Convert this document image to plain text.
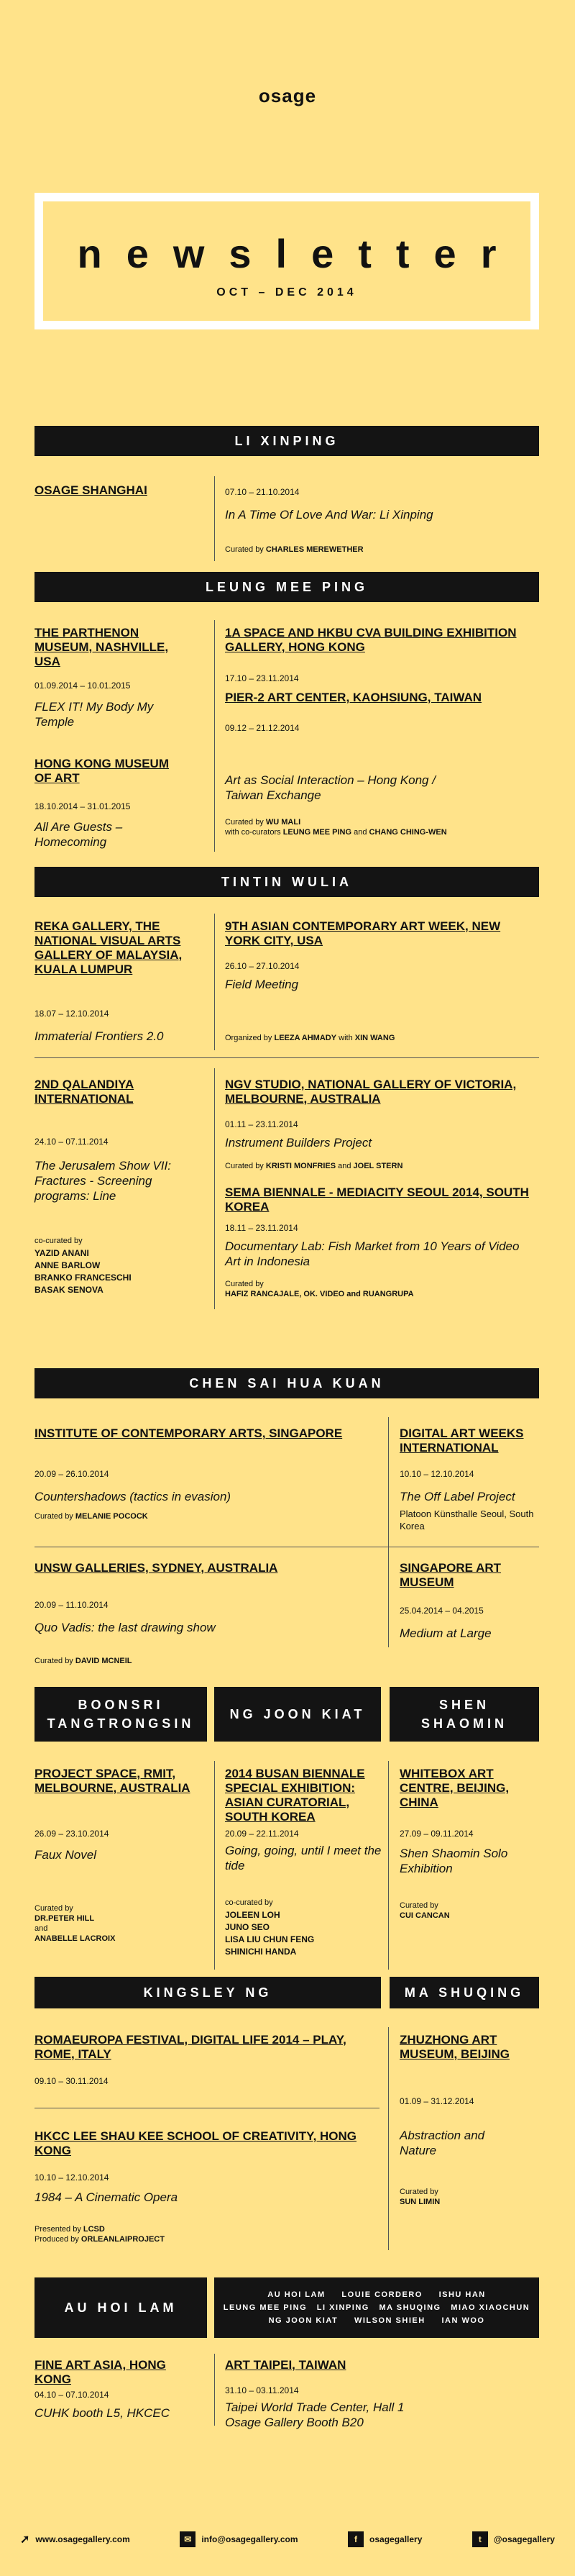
osage
newsletter
OCT – DEC 2014
LI XINPING
OSAGE SHANGHAI	07.10 – 21.10.2014
In A Time Of Love And War: Li Xinping
Curated by CHARLES MEREWETHER
LEUNG MEE PING
THE PARTHENON MUSEUM, NASHVILLE, USA
01.09.2014 – 10.01.2015
FLEX IT! My Body My Temple
HONG KONG MUSEUM OF ART
18.10.2014 – 31.01.2015
All Are Guests – Homecoming
1A SPACE AND HKBU CVA BUILDING EXHIBITION GALLERY, HONG KONG
17.10 – 23.11.2014
PIER-2 ART CENTER, KAOHSIUNG, TAIWAN
09.12 – 21.12.2014
Art as Social Interaction – Hong Kong / Taiwan Exchange
Curated by WU MALI
with co-curators LEUNG MEE PING and CHANG CHING-WEN
TINTIN WULIA
REKA GALLERY, THE NATIONAL VISUAL ARTS GALLERY OF MALAYSIA, KUALA LUMPUR
18.07 – 12.10.2014
Immaterial Frontiers 2.0
9TH ASIAN CONTEMPORARY ART WEEK, NEW YORK CITY, USA
26.10 – 27.10.2014
Field Meeting
Organized by LEEZA AHMADY with XIN WANG
2ND QALANDIYA INTERNATIONAL
24.10 – 07.11.2014
The Jerusalem Show VII: Fractures - Screening programs: Line
co-curated by
YAZID ANANI
ANNE BARLOW
BRANKO FRANCESCHI
BASAK SENOVA
NGV STUDIO, NATIONAL GALLERY OF VICTORIA, MELBOURNE, AUSTRALIA
01.11 – 23.11.2014
Instrument Builders Project
Curated by KRISTI MONFRIES and JOEL STERN
SEMA BIENNALE - MEDIACITY SEOUL 2014, SOUTH KOREA
18.11 – 23.11.2014
Documentary Lab: Fish Market from 10 Years of Video Art in Indonesia
Curated by
HAFIZ RANCAJALE, OK. VIDEO and RUANGRUPA
CHEN SAI HUA KUAN
INSTITUTE OF CONTEMPORARY ARTS, SINGAPORE
20.09 – 26.10.2014
Countershadows (tactics in evasion)
Curated by MELANIE POCOCK
DIGITAL ART WEEKS INTERNATIONAL
10.10 – 12.10.2014
The Off Label Project
Platoon Künsthalle Seoul, South Korea
UNSW GALLERIES, SYDNEY, AUSTRALIA
20.09 – 11.10.2014
Quo Vadis: the last drawing show
Curated by DAVID MCNEIL
SINGAPORE ART MUSEUM
25.04.2014 – 04.2015
Medium at Large
BOONSRI
TANGTRONGSIN
NG JOON KIAT
SHEN
SHAOMIN
PROJECT SPACE, RMIT, MELBOURNE, AUSTRALIA
26.09 – 23.10.2014
Faux Novel
Curated by
DR.PETER HILL
and
ANABELLE LACROIX
2014 BUSAN BIENNALE SPECIAL EXHIBITION: ASIAN CURATORIAL, SOUTH KOREA
20.09 – 22.11.2014
Going, going, until I meet the tide
co-curated by
JOLEEN LOH
JUNO SEO
LISA LIU CHUN FENG
SHINICHI HANDA
WHITEBOX ART CENTRE, BEIJING, CHINA
27.09 – 09.11.2014
Shen Shaomin Solo Exhibition
Curated by
CUI CANCAN
KINGSLEY NG	MA SHUQING
ROMAEUROPA FESTIVAL, DIGITAL LIFE 2014 – PLAY, ROME, ITALY
09.10 – 30.11.2014
HKCC LEE SHAU KEE SCHOOL OF CREATIVITY, HONG KONG
10.10 – 12.10.2014
1984 – A Cinematic Opera
Presented by LCSD
Produced by ORLEANLAIPROJECT
ZHUZHONG ART MUSEUM, BEIJING
01.09 – 31.12.2014
Abstraction and Nature
Curated by
SUN LIMIN
AU HOI LAM
AU HOI LAM     LOUIE CORDERO     ISHU HAN
LEUNG MEE PING   LI XINPING   MA SHUQING   MIAO XIAOCHUN
NG JOON KIAT     WILSON SHIEH     IAN WOO
FINE ART ASIA, HONG KONG
04.10 – 07.10.2014
CUHK booth L5, HKCEC
ART TAIPEI, TAIWAN
31.10 – 03.11.2014
Taipei World Trade Center, Hall 1 Osage Gallery Booth B20
➚ www.osagegallery.com	✉	info@osagegallery.com	f	osagegallery	t	@osagegallery
